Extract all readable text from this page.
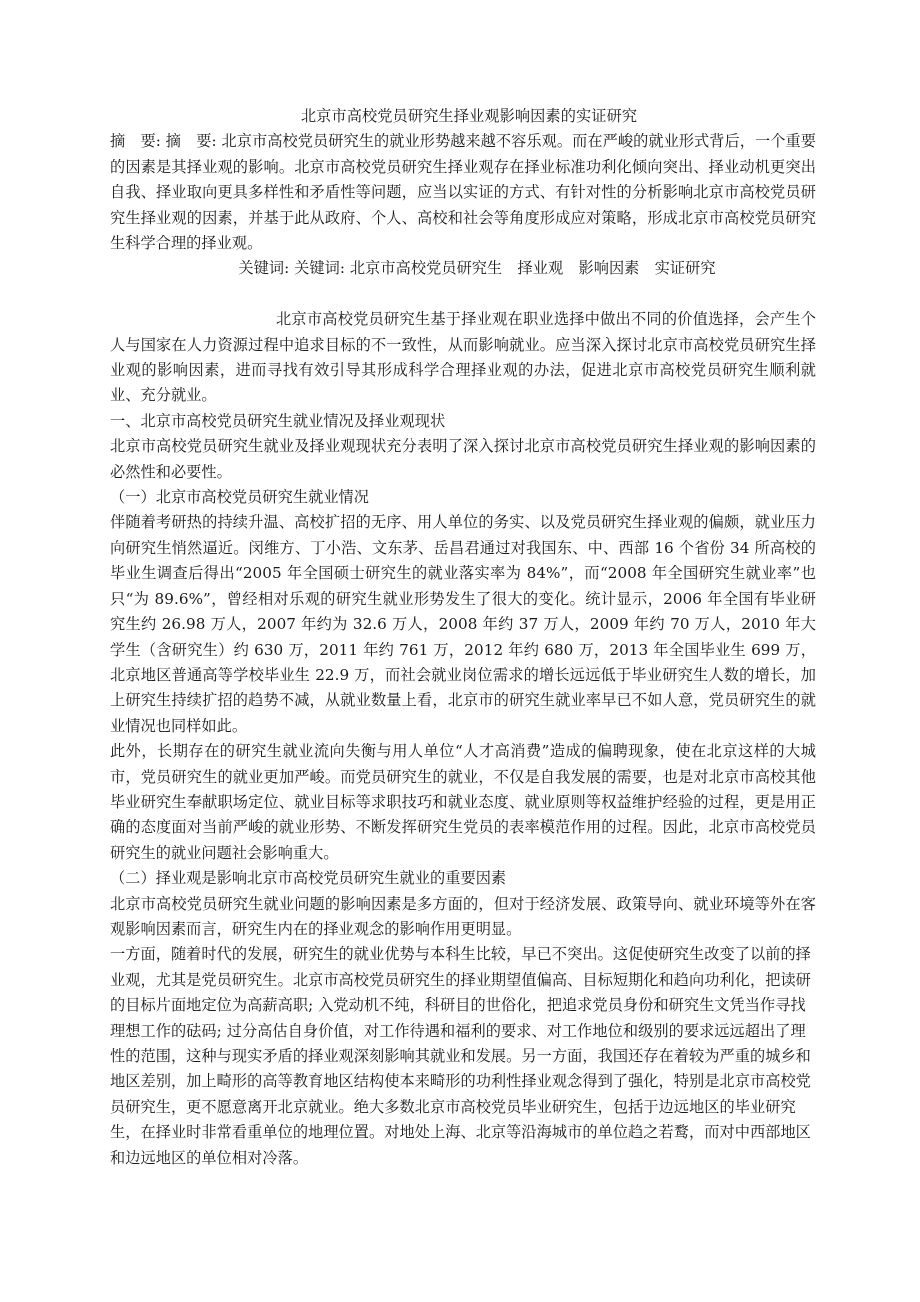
北京市高校党员研究生择业观影响因素的实证研究

摘　要: 摘　要: 北京市高校党员研究生的就业形势越来越不容乐观。而在严峻的就业形式背后，一个重要的因素是其择业观的影响。北京市高校党员研究生择业观存在择业标准功利化倾向突出、择业动机更突出自我、择业取向更具多样性和矛盾性等问题，应当以实证的方式、有针对性的分析影响北京市高校党员研究生择业观的因素，并基于此从政府、个人、高校和社会等角度形成应对策略，形成北京市高校党员研究生科学合理的择业观。

关键词: 关键词: 北京市高校党员研究生　择业观　影响因素　实证研究

北京市高校党员研究生基于择业观在职业选择中做出不同的价值选择，会产生个人与国家在人力资源过程中追求目标的不一致性，从而影响就业。应当深入探讨北京市高校党员研究生择业观的影响因素，进而寻找有效引导其形成科学合理择业观的办法，促进北京市高校党员研究生顺利就业、充分就业。

一、北京市高校党员研究生就业情况及择业观现状

北京市高校党员研究生就业及择业观现状充分表明了深入探讨北京市高校党员研究生择业观的影响因素的必然性和必要性。

（一）北京市高校党员研究生就业情况

伴随着考研热的持续升温、高校扩招的无序、用人单位的务实、以及党员研究生择业观的偏颇，就业压力向研究生悄然逼近。闵维方、丁小浩、文东茅、岳昌君通过对我国东、中、西部 16 个省份 34 所高校的毕业生调查后得出“2005 年全国硕士研究生的就业落实率为 84%”，而“2008 年全国研究生就业率”也只“为 89.6%”，曾经相对乐观的研究生就业形势发生了很大的变化。统计显示，2006 年全国有毕业研究生约 26.98 万人，2007 年约为 32.6 万人，2008 年约 37 万人，2009 年约 70 万人，2010 年大学生（含研究生）约 630 万，2011 年约 761 万，2012 年约 680 万，2013 年全国毕业生 699 万，北京地区普通高等学校毕业生 22.9 万，而社会就业岗位需求的增长远远低于毕业研究生人数的增长，加上研究生持续扩招的趋势不减，从就业数量上看，北京市的研究生就业率早已不如人意，党员研究生的就业情况也同样如此。

此外，长期存在的研究生就业流向失衡与用人单位“人才高消费”造成的偏聘现象，使在北京这样的大城市，党员研究生的就业更加严峻。而党员研究生的就业，不仅是自我发展的需要，也是对北京市高校其他毕业研究生奉献职场定位、就业目标等求职技巧和就业态度、就业原则等权益维护经验的过程，更是用正确的态度面对当前严峻的就业形势、不断发挥研究生党员的表率模范作用的过程。因此，北京市高校党员研究生的就业问题社会影响重大。

（二）择业观是影响北京市高校党员研究生就业的重要因素

北京市高校党员研究生就业问题的影响因素是多方面的，但对于经济发展、政策导向、就业环境等外在客观影响因素而言，研究生内在的择业观念的影响作用更明显。

一方面，随着时代的发展，研究生的就业优势与本科生比较，早已不突出。这促使研究生改变了以前的择业观，尤其是党员研究生。北京市高校党员研究生的择业期望值偏高、目标短期化和趋向功利化，把读研的目标片面地定位为高薪高职; 入党动机不纯，科研目的世俗化，把追求党员身份和研究生文凭当作寻找理想工作的砝码; 过分高估自身价值，对工作待遇和福利的要求、对工作地位和级别的要求远远超出了理性的范围，这种与现实矛盾的择业观深刻影响其就业和发展。另一方面，我国还存在着较为严重的城乡和地区差别，加上畸形的高等教育地区结构使本来畸形的功利性择业观念得到了强化，特别是北京市高校党员研究生，更不愿意离开北京就业。绝大多数北京市高校党员毕业研究生，包括于边远地区的毕业研究生，在择业时非常看重单位的地理位置。对地处上海、北京等沿海城市的单位趋之若鹜，而对中西部地区和边远地区的单位相对冷落。
